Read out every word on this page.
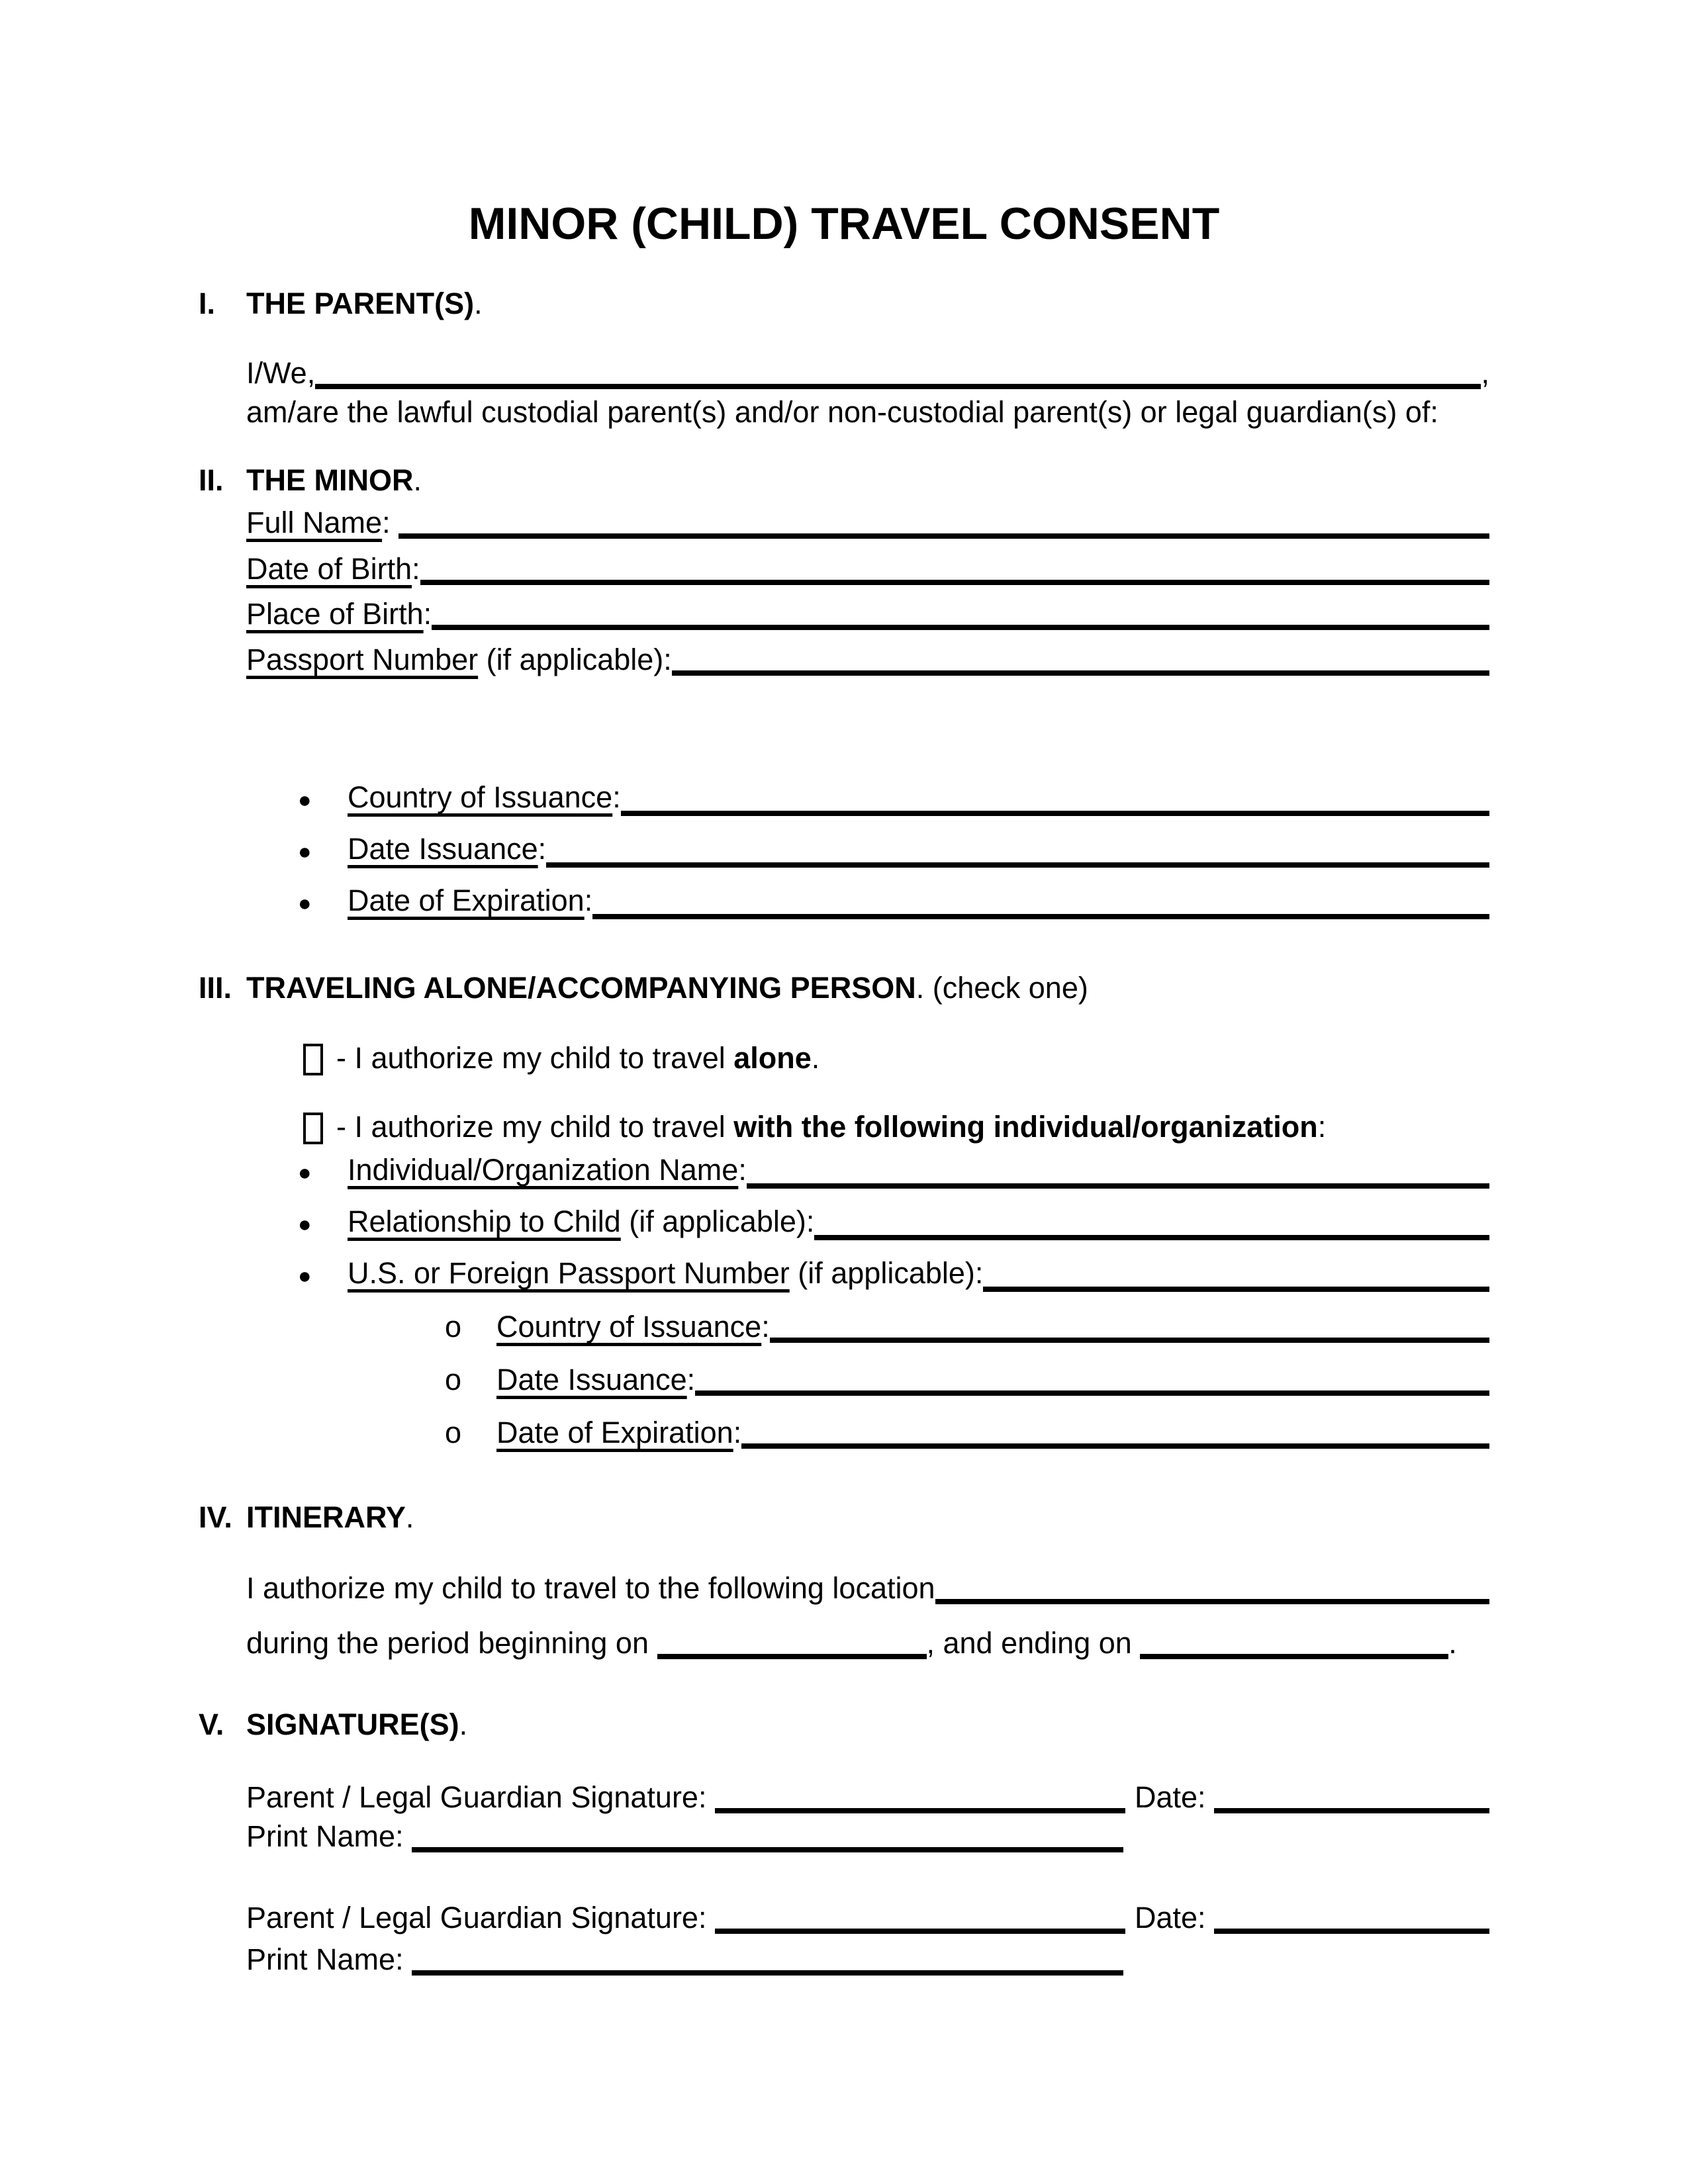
MINOR (CHILD) TRAVEL CONSENT
I.	THE PARENT(S) .
I/We,	,
am/are the lawful custodial parent(s) and/or non-custodial parent(s) or legal guardian(s) of:
II. THE MINOR .
Full Name :
Date of Birth :
Place of Birth :
Passport Number (if applicable):
●
Country of Issuance :
●
Date Issuance :
●
Date of Expiration :
III. TRAVELING ALONE/ACCOMPANYING PERSON . (check one)
- I authorize my child to travel alone .
- I authorize my child to travel with the following individual/organization :
●
Individual/Organization Name :
●
Relationship to Child (if applicable):
●
U.S. or Foreign Passport Number (if applicable):
o
Country of Issuance :
o
Date Issuance :
o
Date of Expiration :
IV. ITINERARY .
I authorize my child to travel to the following location
during the period beginning on	, and ending on	.
V. SIGNATURE(S) .
Parent / Legal Guardian Signature:	Date:
Print Name:
Parent / Legal Guardian Signature:	Date:
Print Name:
